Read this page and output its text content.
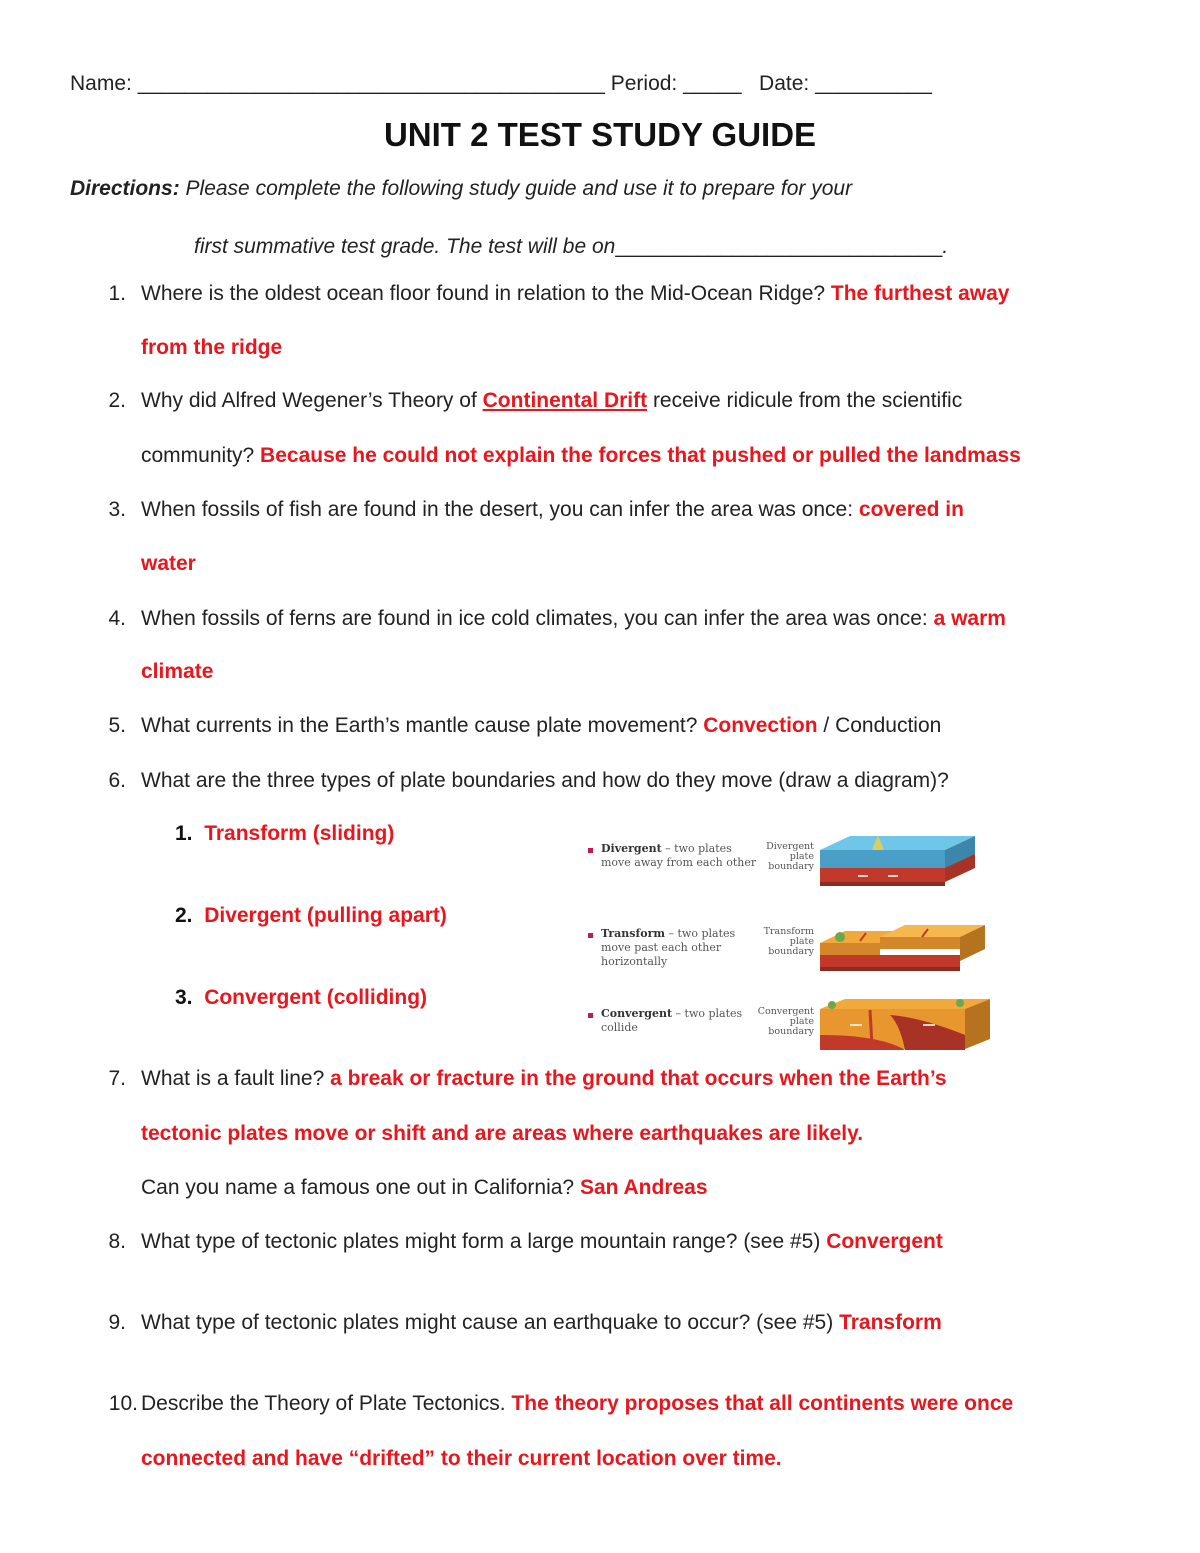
Name: ________________________________________ Period: _____ Date: __________
UNIT 2 TEST STUDY GUIDE
Directions: Please complete the following study guide and use it to prepare for your
first summative test grade. The test will be on____________________________.
1. Where is the oldest ocean floor found in relation to the Mid-Ocean Ridge? The furthest away
from the ridge
2. Why did Alfred Wegener’s Theory of Continental Drift receive ridicule from the scientific
community? Because he could not explain the forces that pushed or pulled the landmass
3. When fossils of fish are found in the desert, you can infer the area was once: covered in
water
4. When fossils of ferns are found in ice cold climates, you can infer the area was once: a warm
climate
5. What currents in the Earth’s mantle cause plate movement? Convection / Conduction
6. What are the three types of plate boundaries and how do they move (draw a diagram)?
1. Transform (sliding)
2. Divergent (pulling apart)
3. Convergent (colliding)
Divergent – two plates move away from each other
Divergent plate boundary
Transform – two plates move past each other horizontally
Transform plate boundary
Convergent – two plates collide
Convergent plate boundary
7. What is a fault line? a break or fracture in the ground that occurs when the Earth’s
tectonic plates move or shift and are areas where earthquakes are likely.
Can you name a famous one out in California? San Andreas
8. What type of tectonic plates might form a large mountain range? (see #5) Convergent
9. What type of tectonic plates might cause an earthquake to occur? (see #5) Transform
10. Describe the Theory of Plate Tectonics. The theory proposes that all continents were once
connected and have “drifted” to their current location over time.
